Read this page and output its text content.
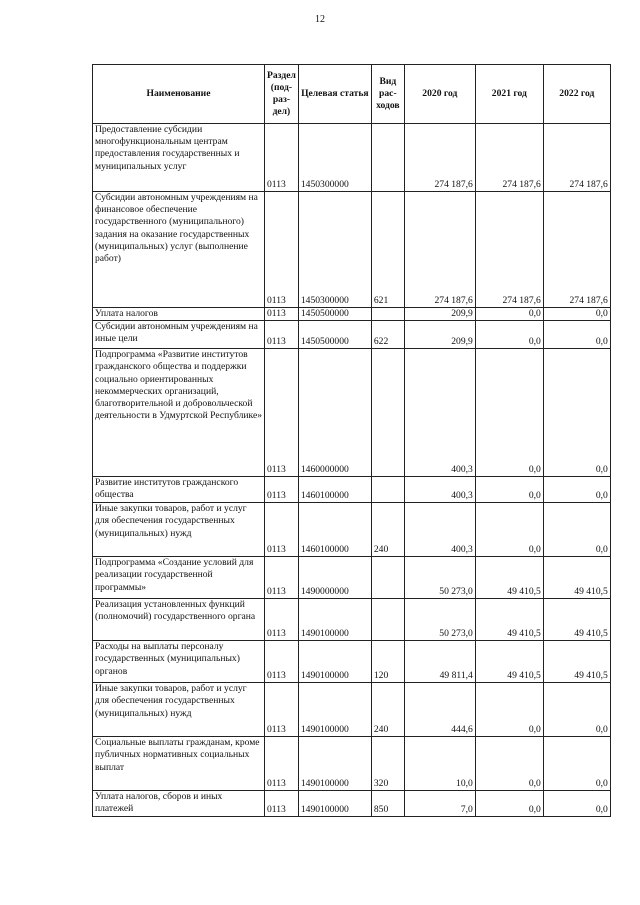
12
Наименование	Раздел (под-раз-дел)	Целевая статья	Вид рас-ходов	2020 год	2021 год	2022 год
Предоставление субсидии многофункциональным центрам предоставления государственных и муниципальных услуг	0113	1450300000		274 187,6	274 187,6	274 187,6
Субсидии автономным учреждениям на финансовое обеспечение государственного (муниципального) задания на оказание государственных (муниципальных) услуг (выполнение работ)	0113	1450300000	621	274 187,6	274 187,6	274 187,6
Уплата налогов	0113	1450500000		209,9	0,0	0,0
Субсидии автономным учреждениям на иные цели	0113	1450500000	622	209,9	0,0	0,0
Подпрограмма «Развитие институтов гражданского общества и поддержки социально ориентированных некоммерческих организаций, благотворительной и добровольческой деятельности в Удмуртской Республике»	0113	1460000000		400,3	0,0	0,0
Развитие институтов гражданского общества	0113	1460100000		400,3	0,0	0,0
Иные закупки товаров, работ и услуг для обеспечения государственных (муниципальных) нужд	0113	1460100000	240	400,3	0,0	0,0
Подпрограмма «Создание условий для реализации государственной программы»	0113	1490000000		50 273,0	49 410,5	49 410,5
Реализация установленных функций (полномочий) государственного органа	0113	1490100000		50 273,0	49 410,5	49 410,5
Расходы на выплаты персоналу государственных (муниципальных) органов	0113	1490100000	120	49 811,4	49 410,5	49 410,5
Иные закупки товаров, работ и услуг для обеспечения государственных (муниципальных) нужд	0113	1490100000	240	444,6	0,0	0,0
Социальные выплаты гражданам, кроме публичных нормативных социальных выплат	0113	1490100000	320	10,0	0,0	0,0
Уплата налогов, сборов и иных платежей	0113	1490100000	850	7,0	0,0	0,0
